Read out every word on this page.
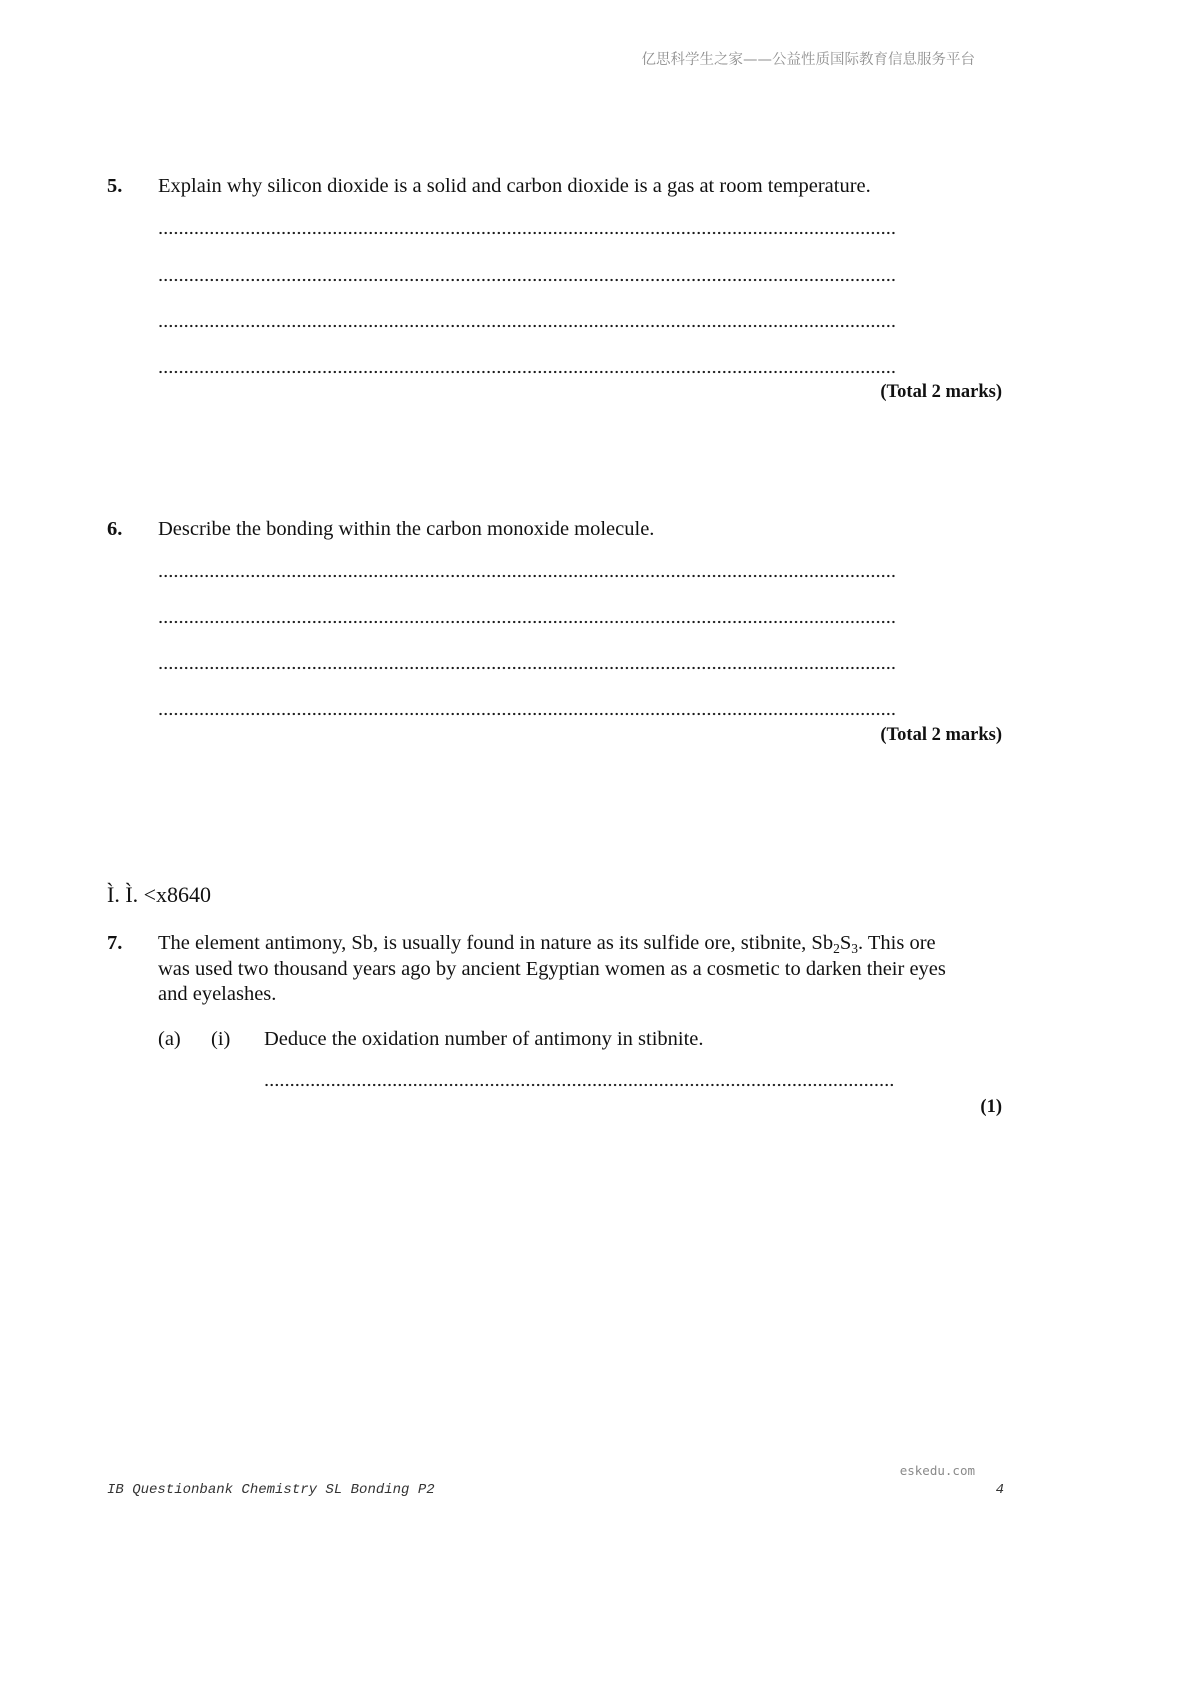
亿思科学生之家——公益性质国际教育信息服务平台
5. Explain why silicon dioxide is a solid and carbon dioxide is a gas at room temperature.
(Total 2 marks)
6. Describe the bonding within the carbon monoxide molecule.
(Total 2 marks)
Ì. Ì. <x8640
7. The element antimony, Sb, is usually found in nature as its sulfide ore, stibnite, Sb2S3. This ore
was used two thousand years ago by ancient Egyptian women as a cosmetic to darken their eyes
and eyelashes.
(a) (i) Deduce the oxidation number of antimony in stibnite.
(1)
eskedu.com
IB Questionbank Chemistry SL Bonding P2	4
